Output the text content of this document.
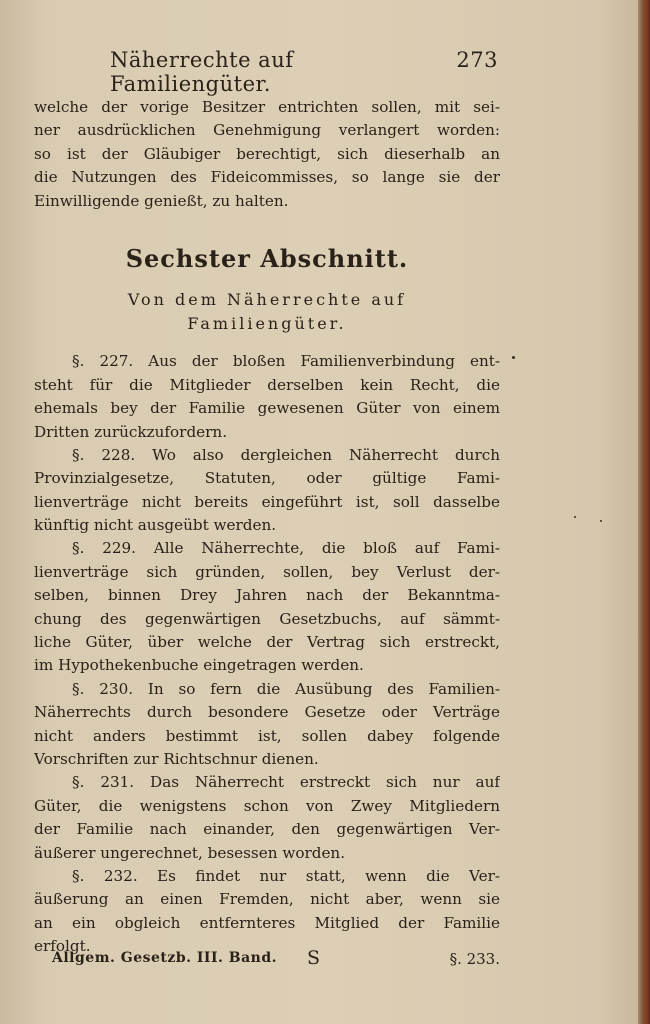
Näherrechte auf Familiengüter.
273
welche der vorige Besitzer entrichten sollen, mit sei-
ner ausdrücklichen Genehmigung verlangert worden:
so ist der Gläubiger berechtigt, sich dieserhalb an
die Nutzungen des Fideicommisses, so lange sie der
Einwilligende genießt, zu halten.
Sechster Abschnitt.
Von dem Näherrechte auf
Familiengüter.
§. 227. Aus der bloßen Familienverbindung ent-
steht für die Mitglieder derselben kein Recht, die
ehemals bey der Familie gewesenen Güter von einem
Dritten zurückzufordern.
§. 228. Wo also dergleichen Näherrecht durch
Provinzialgesetze, Statuten, oder gültige Fami-
lienverträge nicht bereits eingeführt ist, soll dasselbe
künftig nicht ausgeübt werden.
§. 229. Alle Näherrechte, die bloß auf Fami-
lienverträge sich gründen, sollen, bey Verlust der-
selben, binnen Drey Jahren nach der Bekanntma-
chung des gegenwärtigen Gesetzbuchs, auf sämmt-
liche Güter, über welche der Vertrag sich erstreckt,
im Hypothekenbuche eingetragen werden.
§. 230. In so fern die Ausübung des Familien-
Näherrechts durch besondere Gesetze oder Verträge
nicht anders bestimmt ist, sollen dabey folgende
Vorschriften zur Richtschnur dienen.
§. 231. Das Näherrecht erstreckt sich nur auf
Güter, die wenigstens schon von Zwey Mitgliedern
der Familie nach einander, den gegenwärtigen Ver-
äußerer ungerechnet, besessen worden.
§. 232. Es findet nur statt, wenn die Ver-
äußerung an einen Fremden, nicht aber, wenn sie
an ein obgleich entfernteres Mitglied der Familie
erfolgt.
Allgem. Gesetzb. III. Band. S	§. 233.
